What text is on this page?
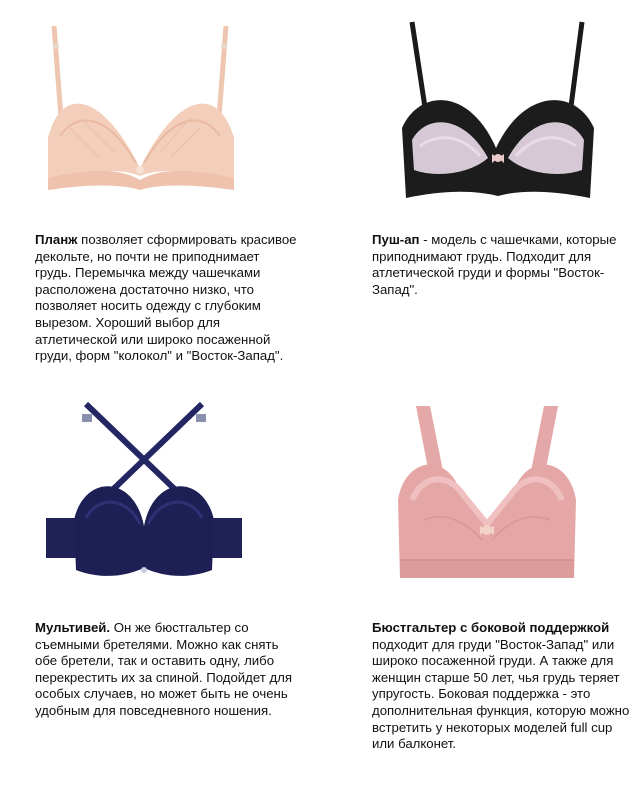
Планж позволяет сформировать красивое декольте, но почти не приподнимает грудь. Перемычка между чашечками расположена достаточно низко, что позволяет носить одежду с глубоким вырезом. Хороший выбор для атлетической или широко посаженной груди, форм "колокол" и "Восток-Запад".
Пуш-ап - модель с чашечками, которые приподнимают грудь. Подходит для атлетической груди и формы "Восток-Запад".
Мультивей. Он же бюстгальтер со съемными бретелями. Можно как снять обе бретели, так и оставить одну, либо перекрестить их за спиной. Подойдет для особых случаев, но может быть не очень удобным для повседневного ношения.
Бюстгальтер с боковой поддержкой подходит для груди "Восток-Запад" или широко посаженной груди. А также для женщин старше 50 лет, чья грудь теряет упругость. Боковая поддержка - это дополнительная функция, которую можно встретить у некоторых моделей full cup или балконет.
